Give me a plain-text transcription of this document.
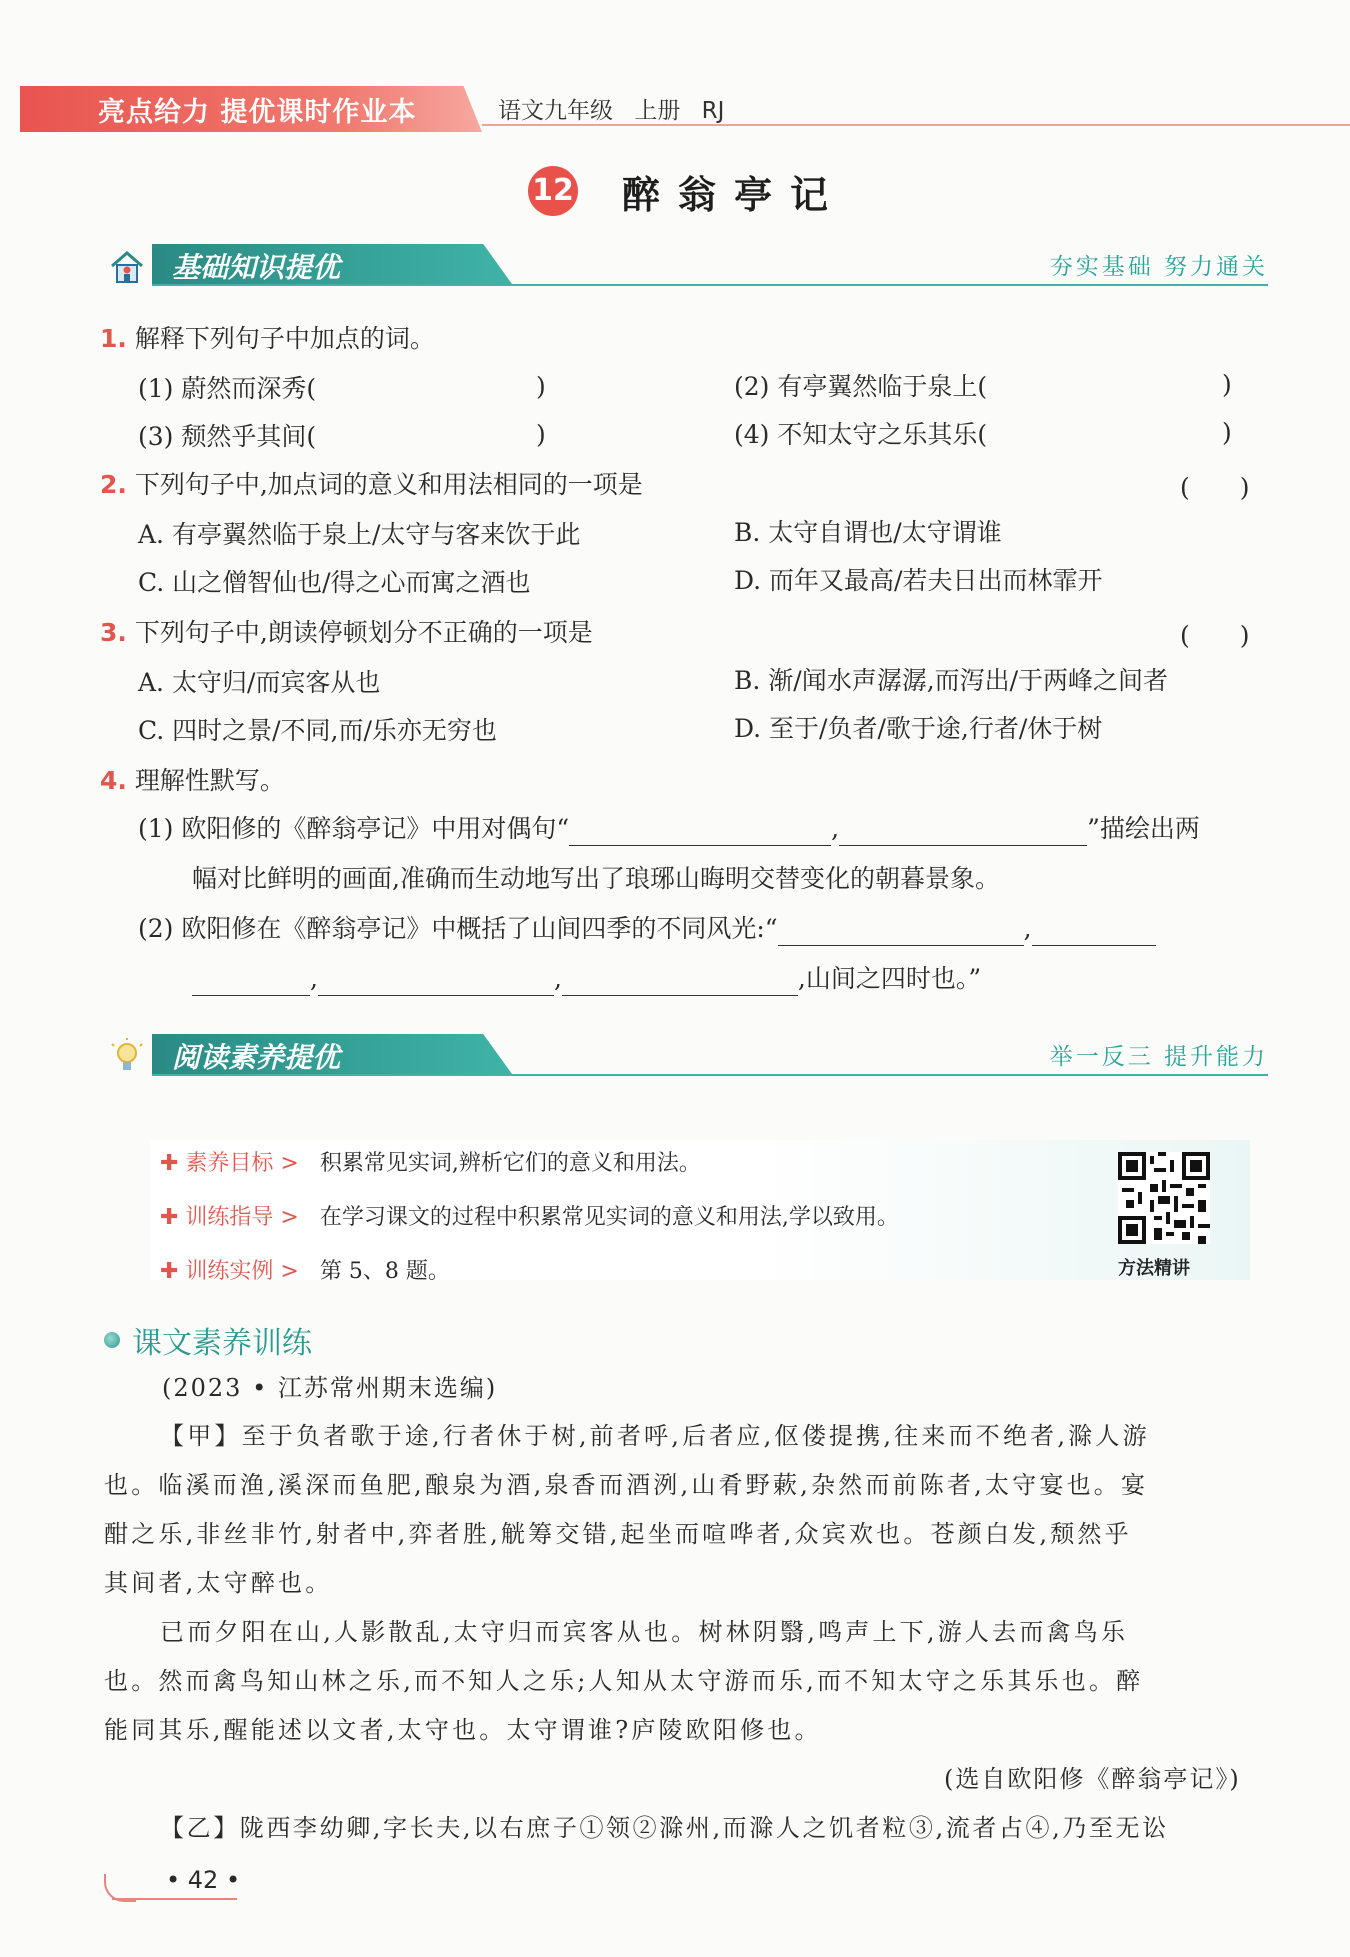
亮点给力 提优课时作业本	语文九年级 上册 RJ
12 醉翁亭记
基础知识提优	夯实基础 努力通关
1. 解释下列句子中加点的词。
(1) 蔚然而深秀(	)	(2) 有亭翼然临于泉上(	)
(3) 颓然乎其间(	)	(4) 不知太守之乐其乐(	)
2. 下列句子中,加点词的意义和用法相同的一项是	(　　)
A. 有亭翼然临于泉上/太守与客来饮于此	B. 太守自谓也/太守谓谁
C. 山之僧智仙也/得之心而寓之酒也	D. 而年又最高/若夫日出而林霏开
3. 下列句子中,朗读停顿划分不正确的一项是	(　　)
A. 太守归/而宾客从也	B. 渐/闻水声潺潺,而泻出/于两峰之间者
C. 四时之景/不同,而/乐亦无穷也	D. 至于/负者/歌于途,行者/休于树
4. 理解性默写。
(1) 欧阳修的《醉翁亭记》中用对偶句“	,	”描绘出两
幅对比鲜明的画面,准确而生动地写出了琅琊山晦明交替变化的朝暮景象。
(2) 欧阳修在《醉翁亭记》中概括了山间四季的不同风光:“	,
,	,	,山间之四时也。”
阅读素养提优	举一反三 提升能力
✚ 素养目标 > 积累常见实词,辨析它们的意义和用法。
✚ 训练指导 > 在学习课文的过程中积累常见实词的意义和用法,学以致用。
✚ 训练实例 > 第 5、8 题。	方法精讲
课文素养训练
(2023 • 江苏常州期末选编)
【甲】至于负者歌于途,行者休于树,前者呼,后者应,伛偻提携,往来而不绝者,滁人游
也。临溪而渔,溪深而鱼肥,酿泉为酒,泉香而酒洌,山肴野蔌,杂然而前陈者,太守宴也。宴
酣之乐,非丝非竹,射者中,弈者胜,觥筹交错,起坐而喧哗者,众宾欢也。苍颜白发,颓然乎
其间者,太守醉也。
已而夕阳在山,人影散乱,太守归而宾客从也。树林阴翳,鸣声上下,游人去而禽鸟乐
也。然而禽鸟知山林之乐,而不知人之乐;人知从太守游而乐,而不知太守之乐其乐也。醉
能同其乐,醒能述以文者,太守也。太守谓谁?庐陵欧阳修也。
(选自欧阳修《醉翁亭记》)
【乙】陇西李幼卿,字长夫,以右庶子①领②滁州,而滁人之饥者粒③,流者占④,乃至无讼
• 42 •
